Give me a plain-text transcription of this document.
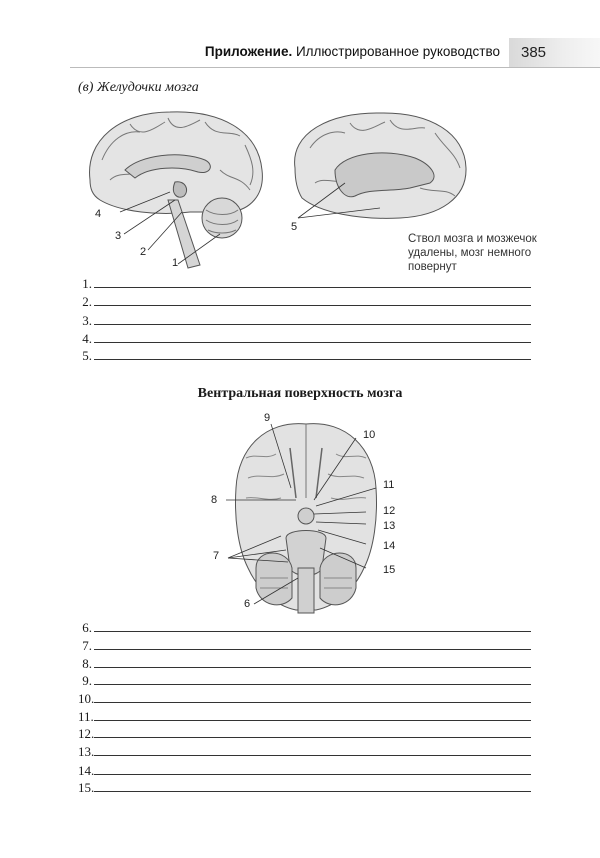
Приложение. Иллюстрированное руководство	385
(в) Желудочки мозга
4
3
2
1
5
Ствол мозга и мозжечок удалены, мозг немного повернут
1.
2.
3.
4.
5.
Вентральная поверхность мозга
9
10
8
11
12
13
14
7
15
6
6.
7.
8.
9.
10.
11.
12.
13.
14.
15.
